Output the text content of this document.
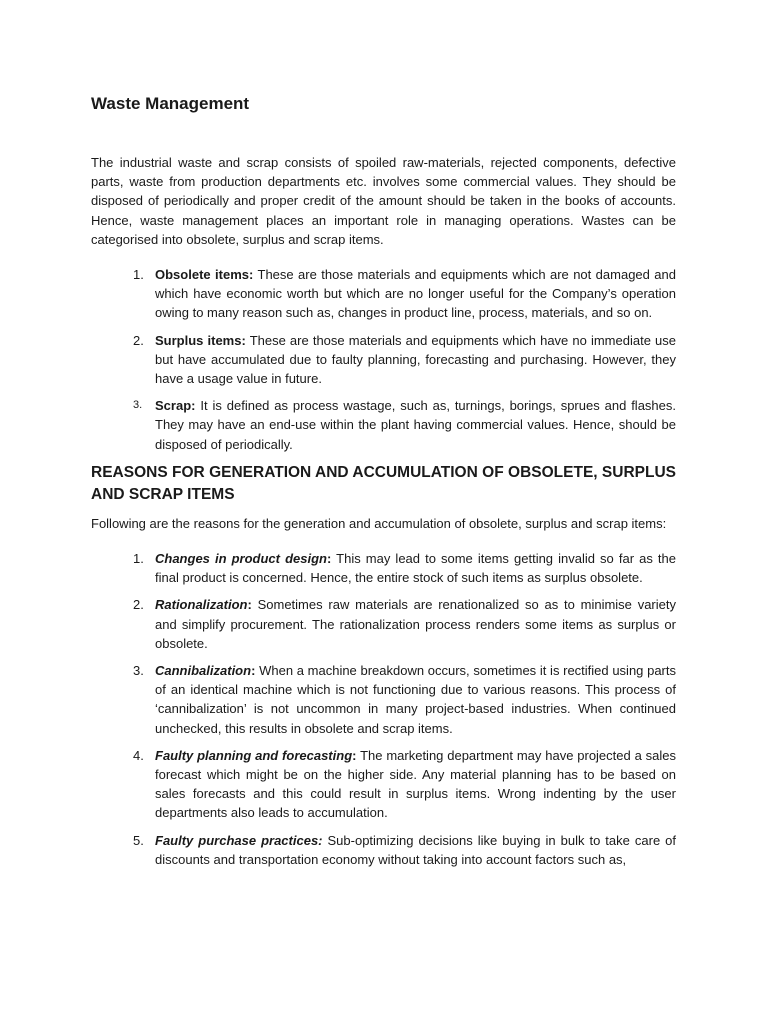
Waste Management

The industrial waste and scrap consists of spoiled raw-materials, rejected components, defective parts, waste from production departments etc. involves some commercial values. They should be disposed of periodically and proper credit of the amount should be taken in the books of accounts. Hence, waste management places an important role in managing operations. Wastes can be categorised into obsolete, surplus and scrap items.

1. Obsolete items: These are those materials and equipments which are not damaged and which have economic worth but which are no longer useful for the Company’s operation owing to many reason such as, changes in product line, process, materials, and so on.
2. Surplus items: These are those materials and equipments which have no immediate use but have accumulated due to faulty planning, forecasting and purchasing. However, they have a usage value in future.
3. Scrap: It is defined as process wastage, such as, turnings, borings, sprues and flashes. They may have an end-use within the plant having commercial values. Hence, should be disposed of periodically.
REASONS FOR GENERATION AND ACCUMULATION OF OBSOLETE, SURPLUS AND SCRAP ITEMS

Following are the reasons for the generation and accumulation of obsolete, surplus and scrap items:

1. Changes in product design: This may lead to some items getting invalid so far as the final product is concerned. Hence, the entire stock of such items as surplus obsolete.
2. Rationalization: Sometimes raw materials are renationalized so as to minimise variety and simplify procurement. The rationalization process renders some items as surplus or obsolete.
3. Cannibalization: When a machine breakdown occurs, sometimes it is rectified using parts of an identical machine which is not functioning due to various reasons. This process of ‘cannibalization’ is not uncommon in many project-based industries. When continued unchecked, this results in obsolete and scrap items.
4. Faulty planning and forecasting: The marketing department may have projected a sales forecast which might be on the higher side. Any material planning has to be based on sales forecasts and this could result in surplus items. Wrong indenting by the user departments also leads to accumulation.
5. Faulty purchase practices: Sub-optimizing decisions like buying in bulk to take care of discounts and transportation economy without taking into account factors such as,
